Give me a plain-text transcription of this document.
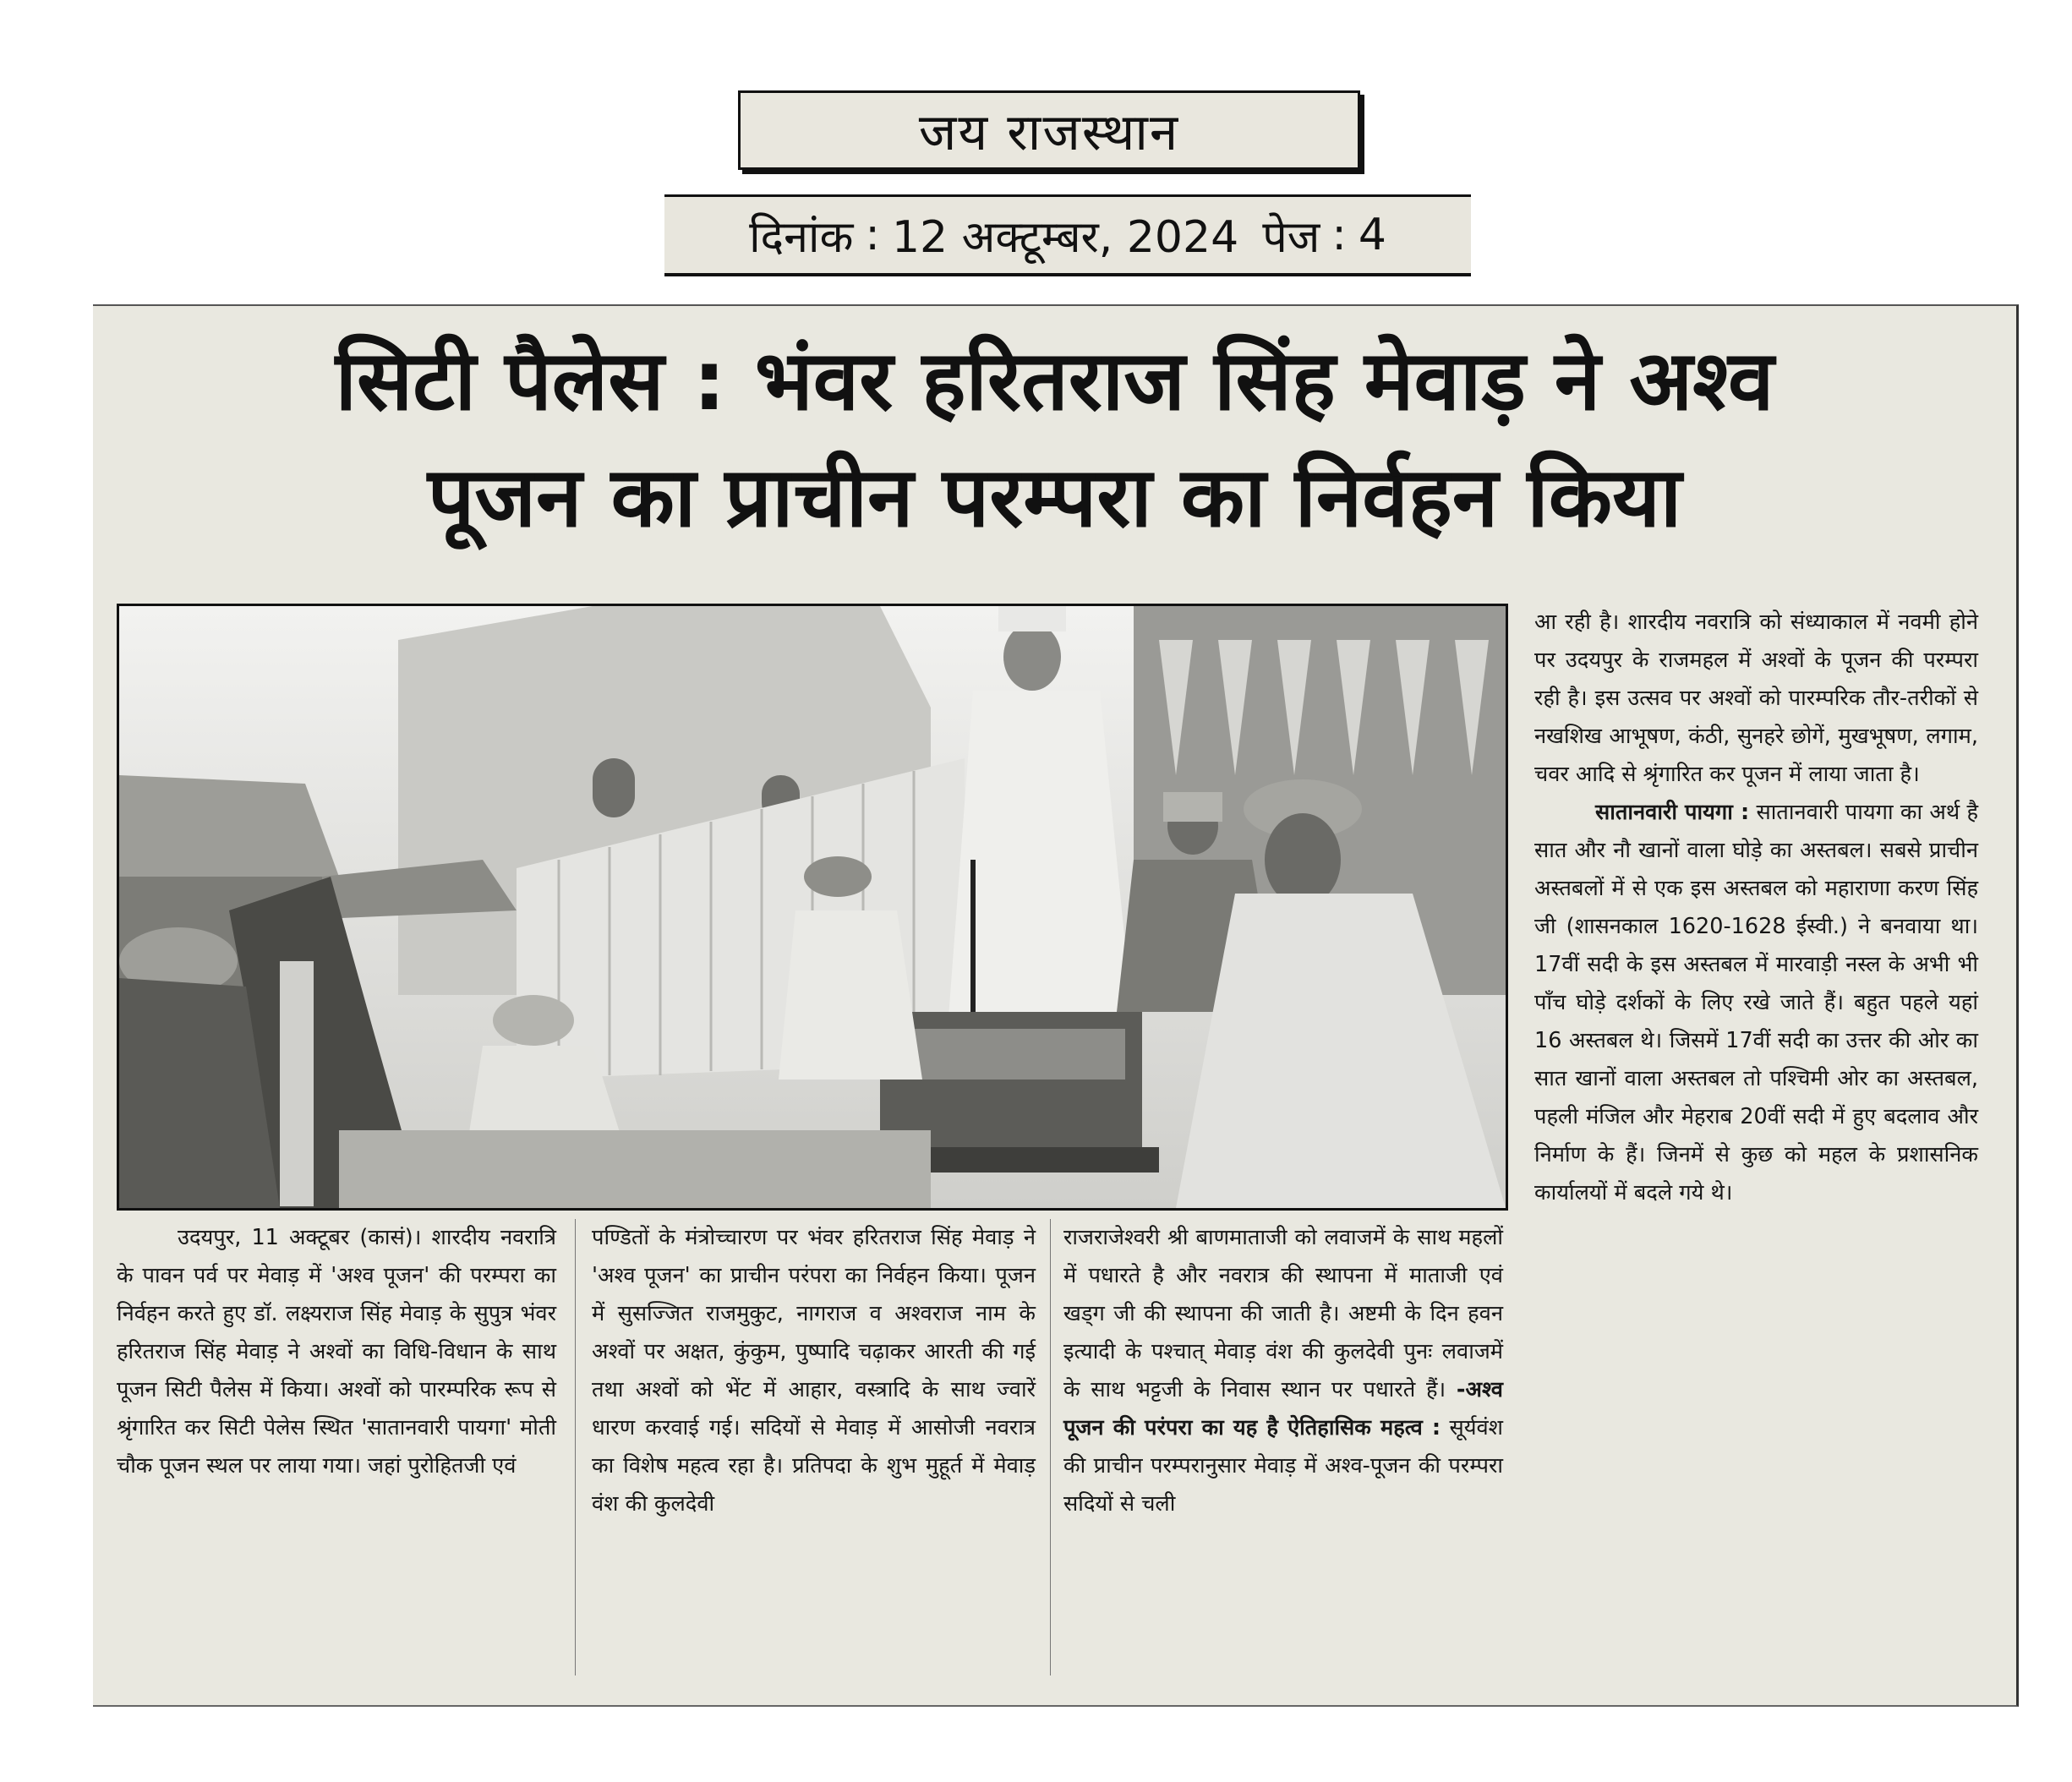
जय राजस्थान
दिनांक : 12 अक्टूम्बर, 2024 पेज : 4
सिटी पैलेस : भंवर हरितराज सिंह मेवाड़ ने अश्व
पूजन का प्राचीन परम्परा का निर्वहन किया

उदयपुर, 11 अक्टूबर (कासं)। शारदीय नवरात्रि के पावन पर्व पर मेवाड़ में 'अश्व पूजन' की परम्परा का निर्वहन करते हुए डॉ. लक्ष्यराज सिंह मेवाड़ के सुपुत्र भंवर हरितराज सिंह मेवाड़ ने अश्वों का विधि-विधान के साथ पूजन सिटी पैलेस में किया। अश्वों को पारम्परिक रूप से श्रृंगारित कर सिटी पेलेस स्थित 'सातानवारी पायगा' मोती चौक पूजन स्थल पर लाया गया। जहां पुरोहितजी एवं

पण्डितों के मंत्रोच्चारण पर भंवर हरितराज सिंह मेवाड़ ने 'अश्व पूजन' का प्राचीन परंपरा का निर्वहन किया। पूजन में सुसज्जित राजमुकुट, नागराज व अश्वराज नाम के अश्वों पर अक्षत, कुंकुम, पुष्पादि चढ़ाकर आरती की गई तथा अश्वों को भेंट में आहार, वस्त्रादि के साथ ज्वारें धारण करवाई गई। सदियों से मेवाड़ में आसोजी नवरात्र का विशेष महत्व रहा है। प्रतिपदा के शुभ मुहूर्त में मेवाड़ वंश की कुलदेवी

राजराजेश्वरी श्री बाणमाताजी को लवाजमें के साथ महलों में पधारते है और नवरात्र की स्थापना में माताजी एवं खड्ग जी की स्थापना की जाती है। अष्टमी के दिन हवन इत्यादी के पश्चात् मेवाड़ वंश की कुलदेवी पुनः लवाजमें के साथ भट्टजी के निवास स्थान पर पधारते हैं। -अश्व पूजन की परंपरा का यह है ऐतिहासिक महत्व : सूर्यवंश की प्राचीन परम्परानुसार मेवाड़ में अश्व-पूजन की परम्परा सदियों से चली

आ रही है। शारदीय नवरात्रि को संध्याकाल में नवमी होने पर उदयपुर के राजमहल में अश्वों के पूजन की परम्परा रही है। इस उत्सव पर अश्वों को पारम्परिक तौर-तरीकों से नखशिख आभूषण, कंठी, सुनहरे छोगें, मुखभूषण, लगाम, चवर आदि से श्रृंगारित कर पूजन में लाया जाता है।

सातानवारी पायगा : सातानवारी पायगा का अर्थ है सात और नौ खानों वाला घोड़े का अस्तबल। सबसे प्राचीन अस्तबलों में से एक इस अस्तबल को महाराणा करण सिंह जी (शासनकाल 1620-1628 ईस्वी.) ने बनवाया था। 17वीं सदी के इस अस्तबल में मारवाड़ी नस्ल के अभी भी पाँच घोड़े दर्शकों के लिए रखे जाते हैं। बहुत पहले यहां 16 अस्तबल थे। जिसमें 17वीं सदी का उत्तर की ओर का सात खानों वाला अस्तबल तो पश्चिमी ओर का अस्तबल, पहली मंजिल और मेहराब 20वीं सदी में हुए बदलाव और निर्माण के हैं। जिनमें से कुछ को महल के प्रशासनिक कार्यालयों में बदले गये थे।
